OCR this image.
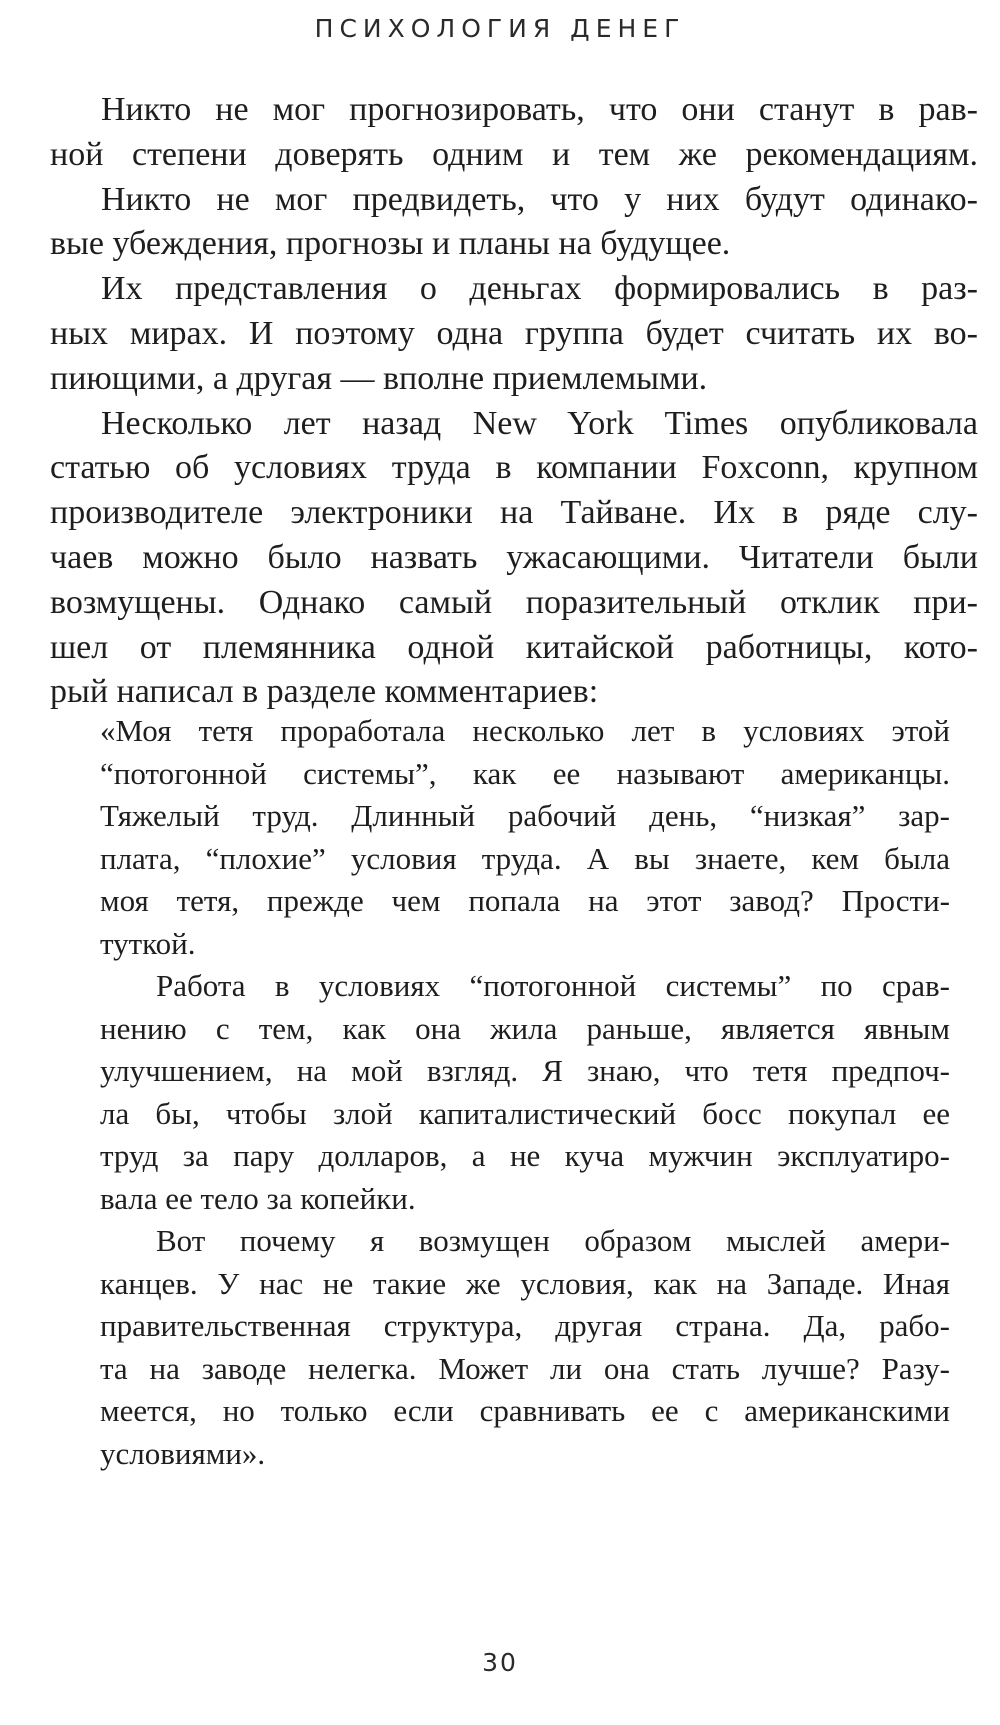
ПСИХОЛОГИЯ ДЕНЕГ
Никто не мог прогнозировать, что они станут в рав-
ной степени доверять одним и тем же рекомендациям.
Никто не мог предвидеть, что у них будут одинако-
вые убеждения, прогнозы и планы на будущее.
Их представления о деньгах формировались в раз-
ных мирах. И поэтому одна группа будет считать их во-
пиющими, а другая — вполне приемлемыми.
Несколько лет назад New York Times опубликовала
статью об условиях труда в компании Foxconn, крупном
производителе электроники на Тайване. Их в ряде слу-
чаев можно было назвать ужасающими. Читатели были
возмущены. Однако самый поразительный отклик при-
шел от племянника одной китайской работницы, кото-
рый написал в разделе комментариев:
«Моя тетя проработала несколько лет в условиях этой
“потогонной системы”, как ее называют американцы.
Тяжелый труд. Длинный рабочий день, “низкая” зар-
плата, “плохие” условия труда. А вы знаете, кем была
моя тетя, прежде чем попала на этот завод? Прости-
туткой.
Работа в условиях “потогонной системы” по срав-
нению с тем, как она жила раньше, является явным
улучшением, на мой взгляд. Я знаю, что тетя предпоч-
ла бы, чтобы злой капиталистический босс покупал ее
труд за пару долларов, а не куча мужчин эксплуатиро-
вала ее тело за копейки.
Вот почему я возмущен образом мыслей амери-
канцев. У нас не такие же условия, как на Западе. Иная
правительственная структура, другая страна. Да, рабо-
та на заводе нелегка. Может ли она стать лучше? Разу-
меется, но только если сравнивать ее с американскими
условиями».
30
